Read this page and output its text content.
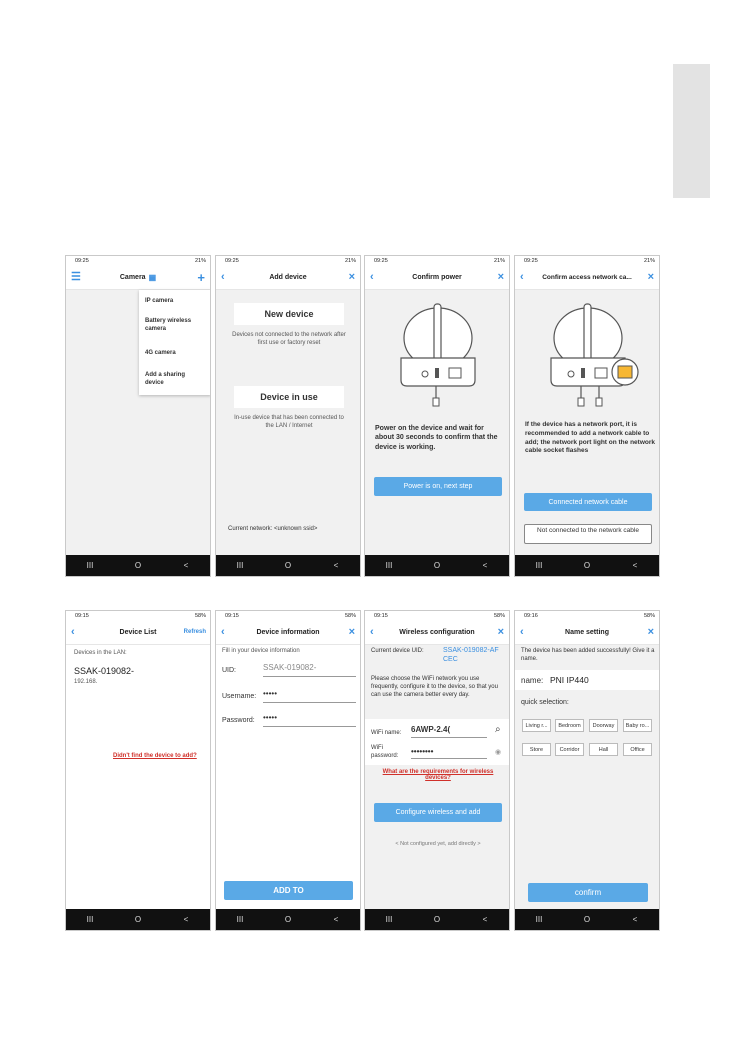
09:25	21%
☰	Camera ▦	+
IP camera
Battery wireless camera
4G camera
Add a sharing device
III	O	<
09:25	21%
‹	Add device	×
New device
Devices not connected to the network after first use or factory reset
Device in use
In-use device that has been connected to the LAN / Internet
Current network: <unknown ssid>
III	O	<
09:25	21%
‹	Confirm power	×
Power on the device and wait for about 30 seconds to confirm that the device is working.
Power is on, next step
III	O	<
09:25	21%
‹	Confirm access network ca... ×
If the device has a network port, it is recommended to add a network cable to add; the network port light on the network cable socket flashes
Connected network cable
Not connected to the network cable
III	O	<
09:15	58%
‹	Device List	Refresh
Devices in the LAN:
SSAK-019082-
192.168.
Didn't find the device to add?
III	O	<
09:15	58%
‹	Device information	×
Fill in your device information
UID:	SSAK-019082-
Username: •••••
Password: •••••
ADD TO
III	O	<
09:15	58%
‹	Wireless configuration ×
Current device UID:	SSAK-019082-AF CEC
Please choose the WiFi network you use frequently, configure it to the device, so that you can use the camera better every day.
WiFi name: 6AWP-2.4(	⌕
WiFi password:
••••••••	◉
What are the requirements for wireless devices?
Configure wireless and add
< Not configured yet, add directly >
III	O	<
09:16	58%
‹	Name setting	×
The device has been added successfully! Give it a name.
name: PNI IP440
quick selection:
Living r...	Bedroom	Doorway	Baby ro...
Store	Corridor	Hall	Office
confirm
III	O	<
